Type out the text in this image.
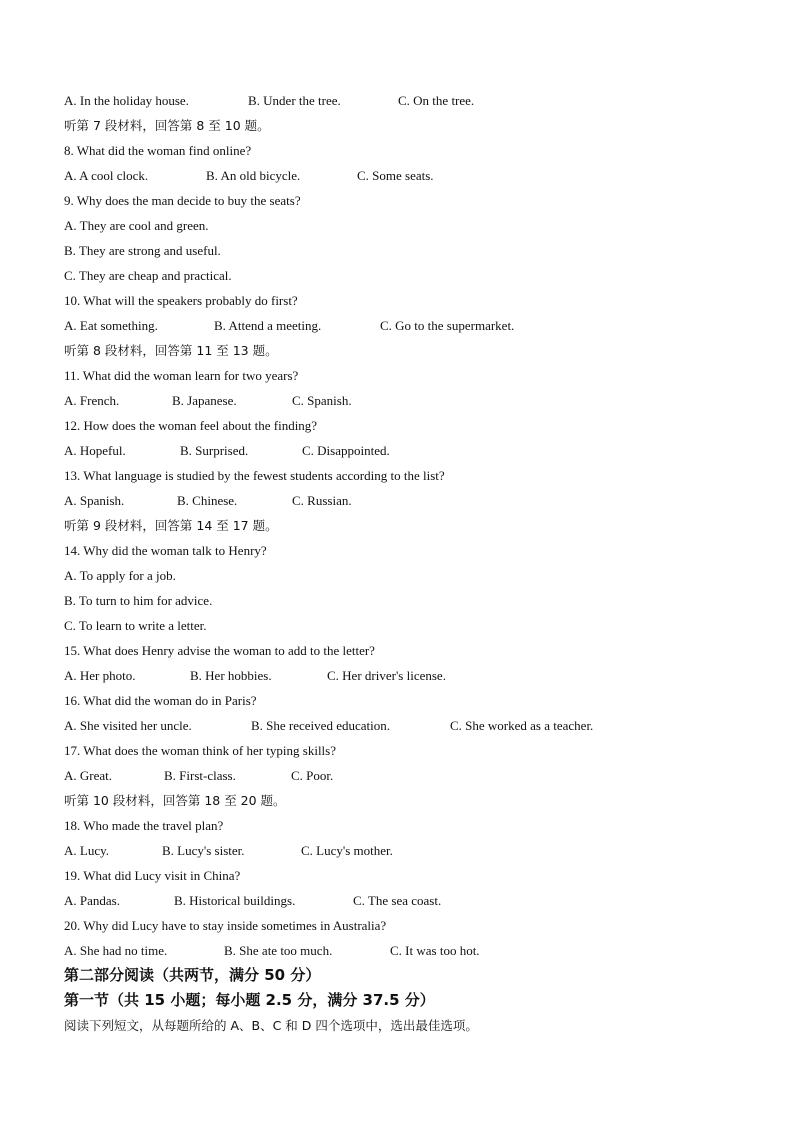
A. In the holiday house.	B. Under the tree.	C. On the tree.
听第 7 段材料，回答第 8 至 10 题。
8. What did the woman find online?
A. A cool clock.	B. An old bicycle.	C. Some seats.
9. Why does the man decide to buy the seats?
A. They are cool and green.
B. They are strong and useful.
C. They are cheap and practical.
10. What will the speakers probably do first?
A. Eat something.	B. Attend a meeting.	C. Go to the supermarket.
听第 8 段材料，回答第 11 至 13 题。
11. What did the woman learn for two years?
A. French.	B. Japanese.	C. Spanish.
12. How does the woman feel about the finding?
A. Hopeful.	B. Surprised.	C. Disappointed.
13. What language is studied by the fewest students according to the list?
A. Spanish.	B. Chinese.	C. Russian.
听第 9 段材料，回答第 14 至 17 题。
14. Why did the woman talk to Henry?
A. To apply for a job.
B. To turn to him for advice.
C. To learn to write a letter.
15. What does Henry advise the woman to add to the letter?
A. Her photo.	B. Her hobbies.	C. Her driver's license.
16. What did the woman do in Paris?
A. She visited her uncle.	B. She received education.	C. She worked as a teacher.
17. What does the woman think of her typing skills?
A. Great.	B. First-class.	C. Poor.
听第 10 段材料，回答第 18 至 20 题。
18. Who made the travel plan?
A. Lucy.	B. Lucy's sister.	C. Lucy's mother.
19. What did Lucy visit in China?
A. Pandas.	B. Historical buildings.	C. The sea coast.
20. Why did Lucy have to stay inside sometimes in Australia?
A. She had no time.	B. She ate too much.	C. It was too hot.
第二部分阅读（共两节，满分 50 分）
第一节（共 15 小题；每小题 2.5 分，满分 37.5 分）
阅读下列短文，从每题所给的 A、B、C 和 D 四个选项中，选出最佳选项。
